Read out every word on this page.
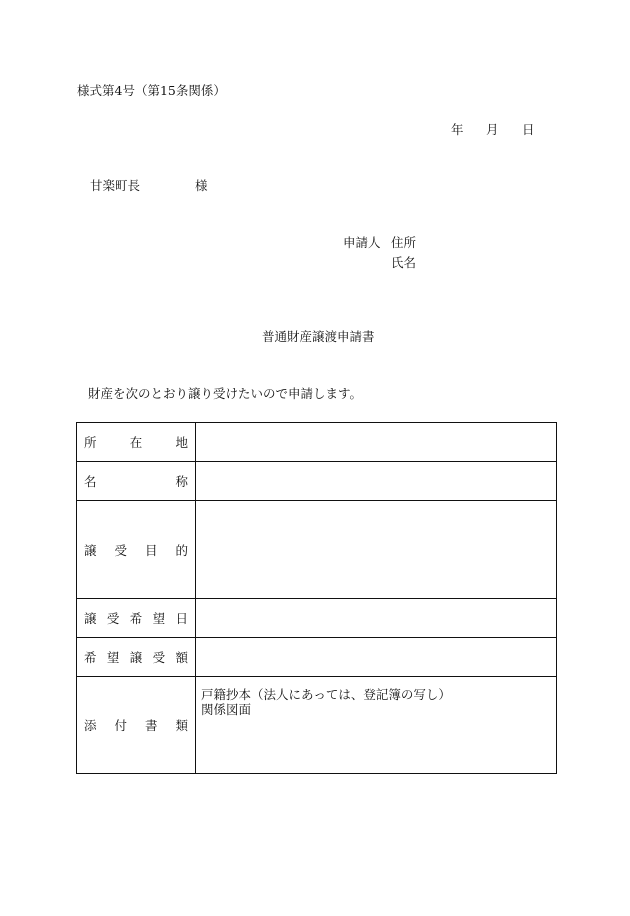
様式第4号（第15条関係）
年 月 日
甘楽町長	様
申請人 住所
氏名
普通財産譲渡申請書
財産を次のとおり譲り受けたいので申請します。
所 在 地	

名 称	

譲 受 目 的	

譲 受 希 望 日	

希 望 譲 受 額	

添 付 書 類	戸籍抄本（法人にあっては、登記簿の写し）
関係図面
